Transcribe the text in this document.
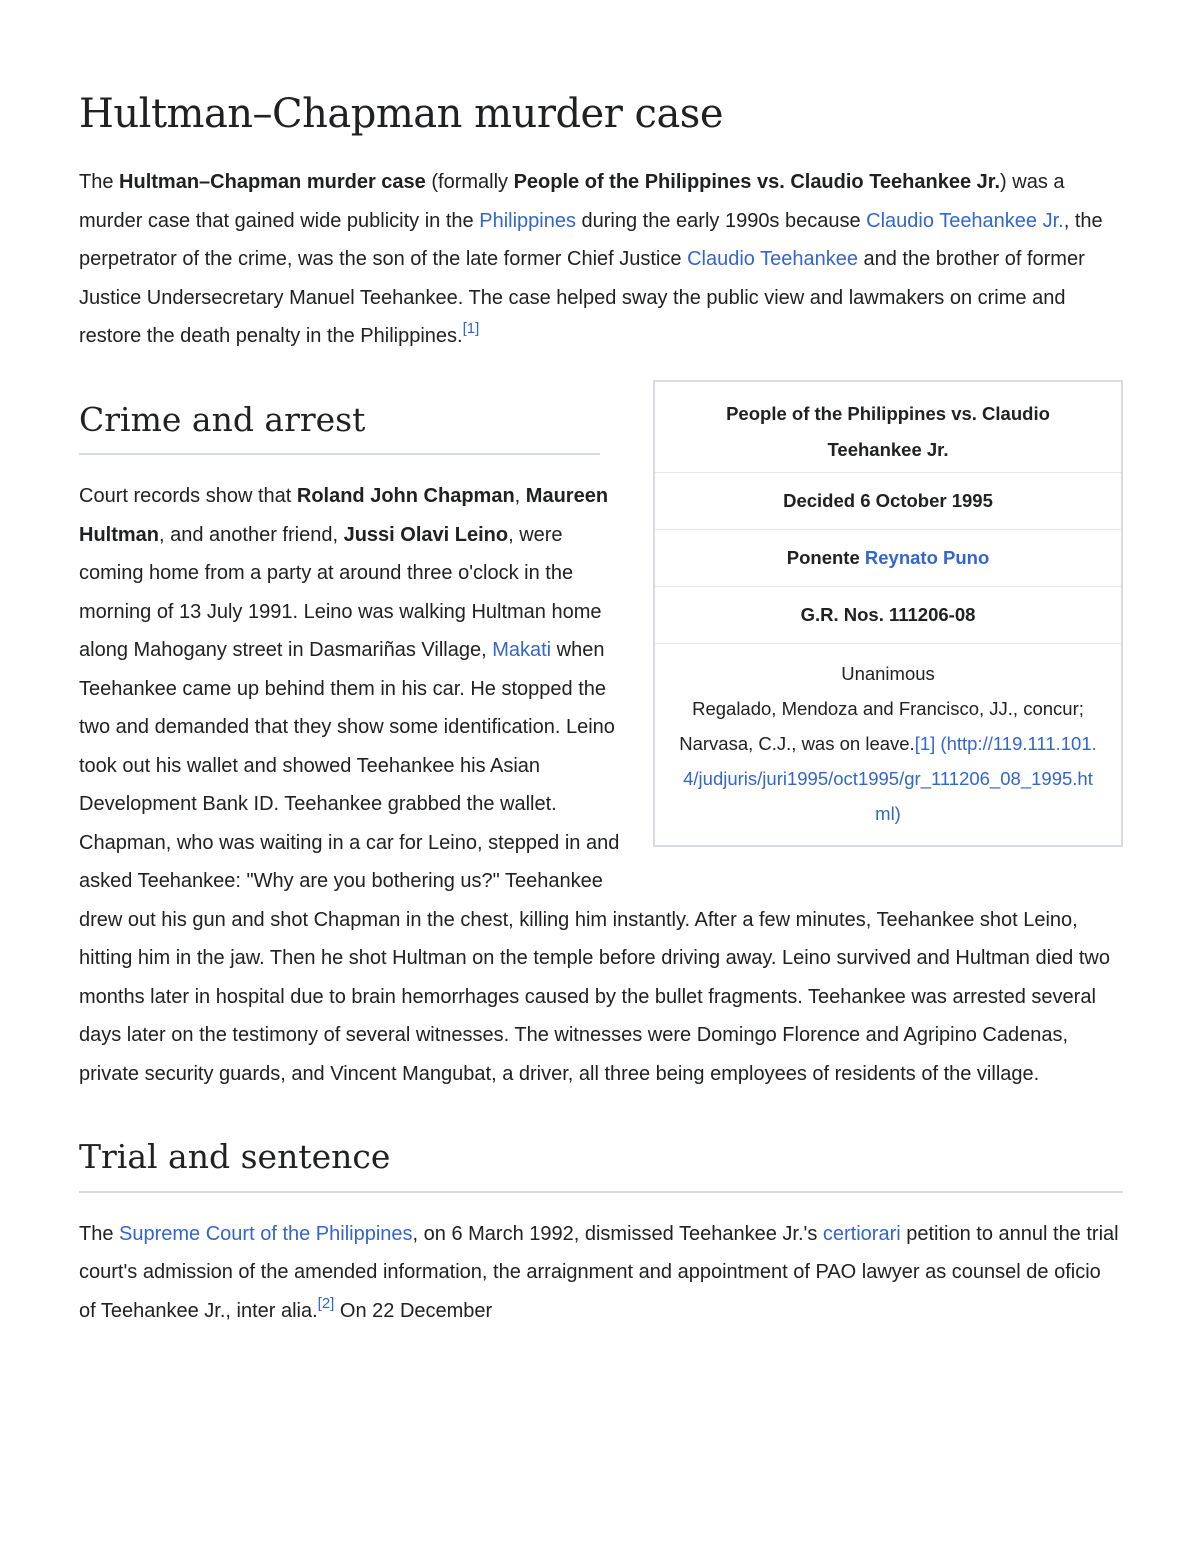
Hultman–Chapman murder case

The Hultman–Chapman murder case (formally People of the Philippines vs. Claudio Teehankee Jr.) was a murder case that gained wide publicity in the Philippines during the early 1990s because Claudio Teehankee Jr., the perpetrator of the crime, was the son of the late former Chief Justice Claudio Teehankee and the brother of former Justice Undersecretary Manuel Teehankee. The case helped sway the public view and lawmakers on crime and restore the death penalty in the Philippines.[1]

People of the Philippines vs. Claudio Teehankee Jr.
Decided 6 October 1995
Ponente Reynato Puno
G.R. Nos. 111206-08
Unanimous
Regalado, Mendoza and Francisco, JJ., concur; Narvasa, C.J., was on leave.[1] (http://119.111.101.4/judjuris/juri1995/oct1995/gr_111206_08_1995.html)
Crime and arrest

Court records show that Roland John Chapman, Maureen Hultman, and another friend, Jussi Olavi Leino, were coming home from a party at around three o'clock in the morning of 13 July 1991. Leino was walking Hultman home along Mahogany street in Dasmariñas Village, Makati when Teehankee came up behind them in his car. He stopped the two and demanded that they show some identification. Leino took out his wallet and showed Teehankee his Asian Development Bank ID. Teehankee grabbed the wallet. Chapman, who was waiting in a car for Leino, stepped in and asked Teehankee: "Why are you bothering us?" Teehankee drew out his gun and shot Chapman in the chest, killing him instantly. After a few minutes, Teehankee shot Leino, hitting him in the jaw. Then he shot Hultman on the temple before driving away. Leino survived and Hultman died two months later in hospital due to brain hemorrhages caused by the bullet fragments. Teehankee was arrested several days later on the testimony of several witnesses. The witnesses were Domingo Florence and Agripino Cadenas, private security guards, and Vincent Mangubat, a driver, all three being employees of residents of the village.

Trial and sentence

The Supreme Court of the Philippines, on 6 March 1992, dismissed Teehankee Jr.'s certiorari petition to annul the trial court's admission of the amended information, the arraignment and appointment of PAO lawyer as counsel de oficio of Teehankee Jr., inter alia.[2] On 22 December
